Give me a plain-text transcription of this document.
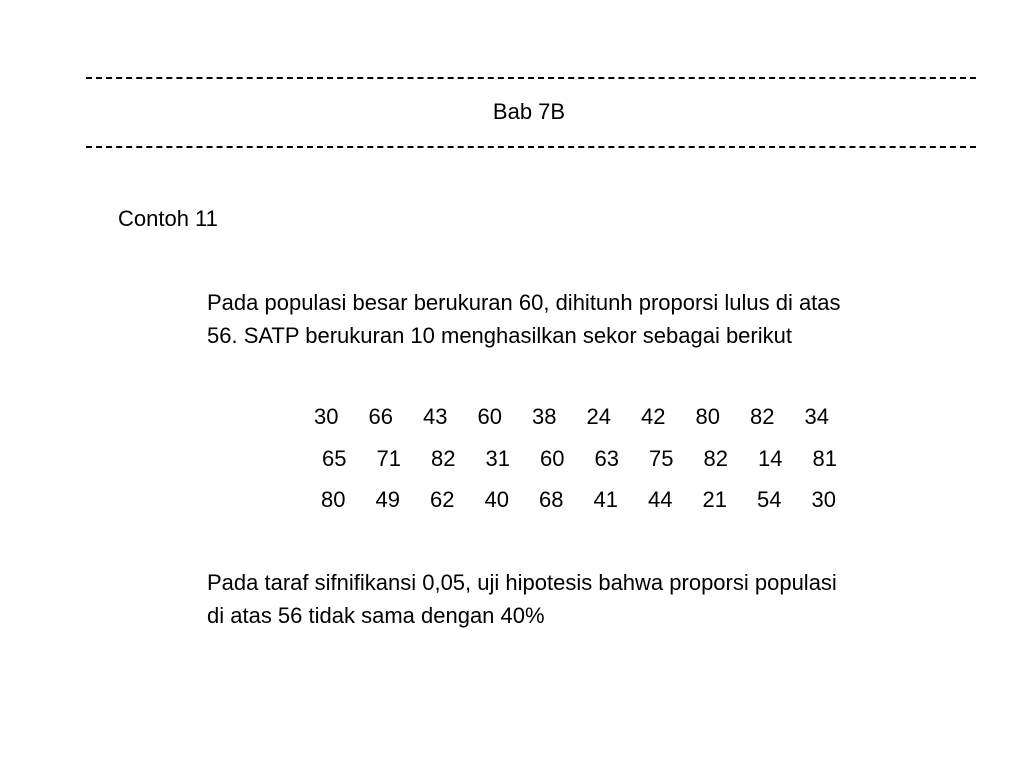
Bab 7B
Contoh 11
Pada populasi besar berukuran 60, dihitunh proporsi lulus di atas
56. SATP berukuran 10 menghasilkan sekor sebagai berikut
30	66	43	60	38	24	42	80	82	34
65	71	82	31	60	63	75	82	14	81
80	49	62	40	68	41	44	21	54	30
Pada taraf sifnifikansi 0,05, uji hipotesis bahwa proporsi populasi
di atas 56 tidak sama dengan 40%
